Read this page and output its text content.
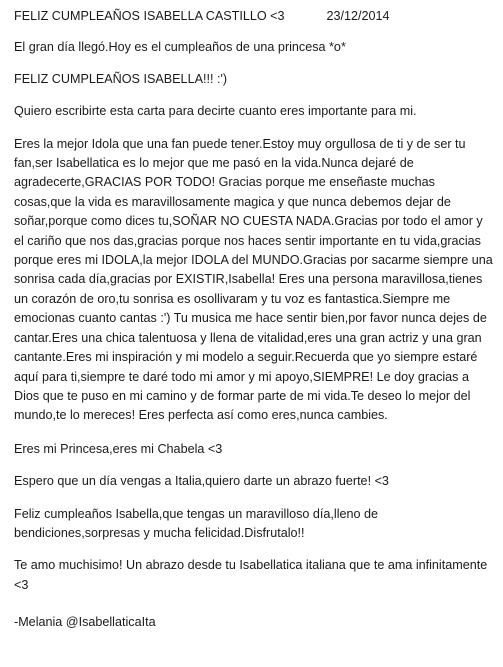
FELIZ CUMPLEAÑOS ISABELLA CASTILLO <3	23/12/2014

El gran día llegó.Hoy es el cumpleaños de una princesa *o*

FELIZ CUMPLEAÑOS ISABELLA!!! :')

Quiero escribirte esta carta para decirte cuanto eres importante para mi.

Eres la mejor Idola que una fan puede tener.Estoy muy orgullosa de ti y de ser tu fan,ser Isabellatica es lo mejor que me pasó en la vida.Nunca dejaré de agradecerte,GRACIAS POR TODO! Gracias porque me enseñaste muchas cosas,que la vida es maravillosamente magica y que nunca debemos dejar de soñar,porque como dices tu,SOÑAR NO CUESTA NADA.Gracias por todo el amor y el cariño que nos das,gracias porque nos haces sentir importante en tu vida,gracias porque eres mi IDOLA,la mejor IDOLA del MUNDO.Gracias por sacarme siempre una sonrisa cada día,gracias por EXISTIR,Isabella! Eres una persona maravillosa,tienes un corazón de oro,tu sonrisa es osollivaram y tu voz es fantastica.Siempre me emocionas cuanto cantas :') Tu musica me hace sentir bien,por favor nunca dejes de cantar.Eres una chica talentuosa y llena de vitalidad,eres una gran actriz y una gran cantante.Eres mi inspiración y mi modelo a seguir.Recuerda que yo siempre estaré aquí para ti,siempre te daré todo mi amor y mi apoyo,SIEMPRE! Le doy gracias a Dios que te puso en mi camino y de formar parte de mi vida.Te deseo lo mejor del mundo,te lo mereces! Eres perfecta así como eres,nunca cambies.

Eres mi Princesa,eres mi Chabela <3

Espero que un día vengas a Italia,quiero darte un abrazo fuerte! <3

Feliz cumpleaños Isabella,que tengas un maravilloso día,lleno de bendiciones,sorpresas y mucha felicidad.Disfrutalo!!

Te amo muchisimo! Un abrazo desde tu Isabellatica italiana que te ama infinitamente <3

-Melania @IsabellaticaIta
